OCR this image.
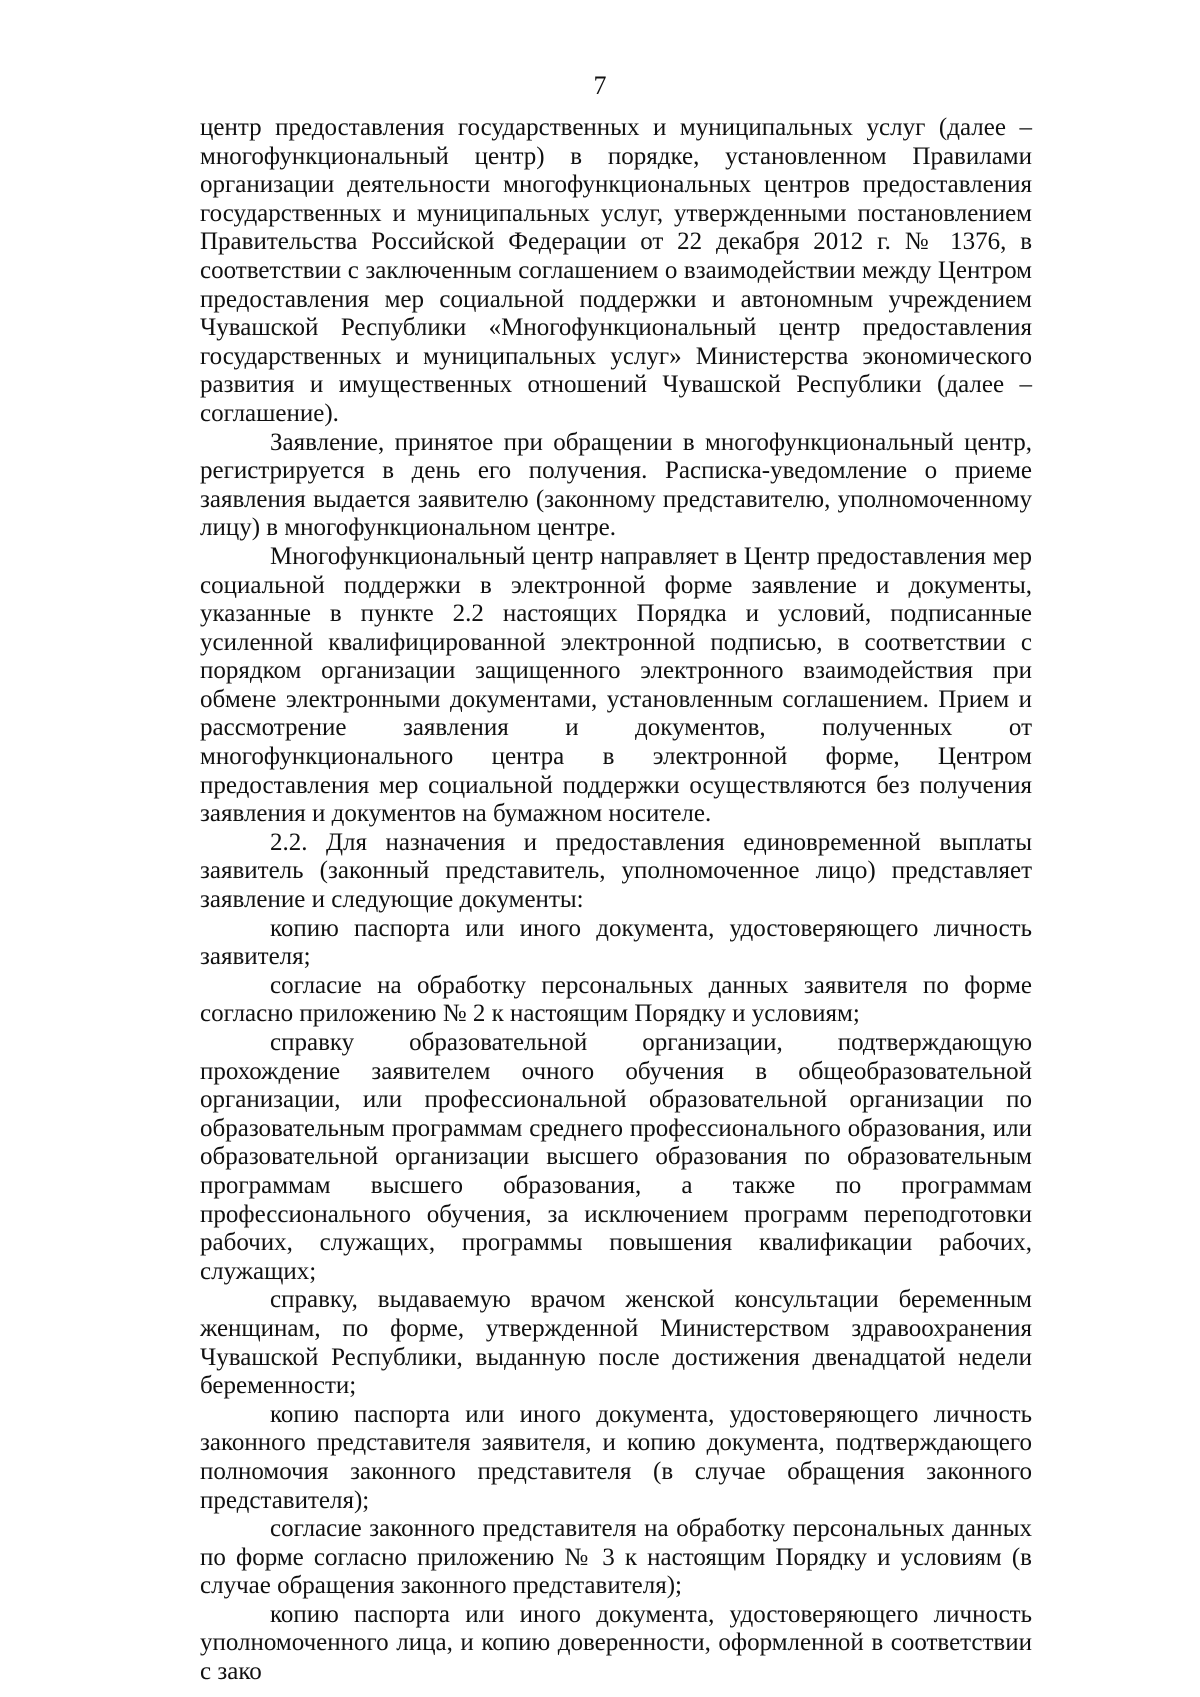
7

центр предоставления государственных и муниципальных услуг (далее – многофункциональный центр) в порядке, установленном Правилами организации деятельности многофункциональных центров предоставления государственных и муниципальных услуг, утвержденными постановлением Правительства Российской Федерации от 22 декабря 2012 г. № 1376, в соответствии с заключенным соглашением о взаимодействии между Центром предоставления мер социальной поддержки и автономным учреждением Чувашской Республики «Многофункциональный центр предоставления государственных и муниципальных услуг» Министерства экономического развития и имущественных отношений Чувашской Республики (далее – соглашение).

Заявление, принятое при обращении в многофункциональный центр, регистрируется в день его получения. Расписка-уведомление о приеме заявления выдается заявителю (законному представителю, уполномоченному лицу) в многофункциональном центре.

Многофункциональный центр направляет в Центр предоставления мер социальной поддержки в электронной форме заявление и документы, указанные в пункте 2.2 настоящих Порядка и условий, подписанные усиленной квалифицированной электронной подписью, в соответствии с порядком организации защищенного электронного взаимодействия при обмене электронными документами, установленным соглашением. Прием и рассмотрение заявления и документов, полученных от многофункционального центра в электронной форме, Центром предоставления мер социальной поддержки осуществляются без получения заявления и документов на бумажном носителе.

2.2. Для назначения и предоставления единовременной выплаты заявитель (законный представитель, уполномоченное лицо) представляет заявление и следующие документы:

копию паспорта или иного документа, удостоверяющего личность заявителя;

согласие на обработку персональных данных заявителя по форме согласно приложению № 2 к настоящим Порядку и условиям;

справку образовательной организации, подтверждающую прохождение заявителем очного обучения в общеобразовательной организации, или профессиональной образовательной организации по образовательным программам среднего профессионального образования, или образовательной организации высшего образования по образовательным программам высшего образования, а также по программам профессионального обучения, за исключением программ переподготовки рабочих, служащих, программы повышения квалификации рабочих, служащих;

справку, выдаваемую врачом женской консультации беременным женщинам, по форме, утвержденной Министерством здравоохранения Чувашской Республики, выданную после достижения двенадцатой недели беременности;

копию паспорта или иного документа, удостоверяющего личность законного представителя заявителя, и копию документа, подтверждающего полномочия законного представителя (в случае обращения законного представителя);

согласие законного представителя на обработку персональных данных по форме согласно приложению № 3 к настоящим Порядку и условиям (в случае обращения законного представителя);

копию паспорта или иного документа, удостоверяющего личность уполномоченного лица, и копию доверенности, оформленной в соответствии с зако
